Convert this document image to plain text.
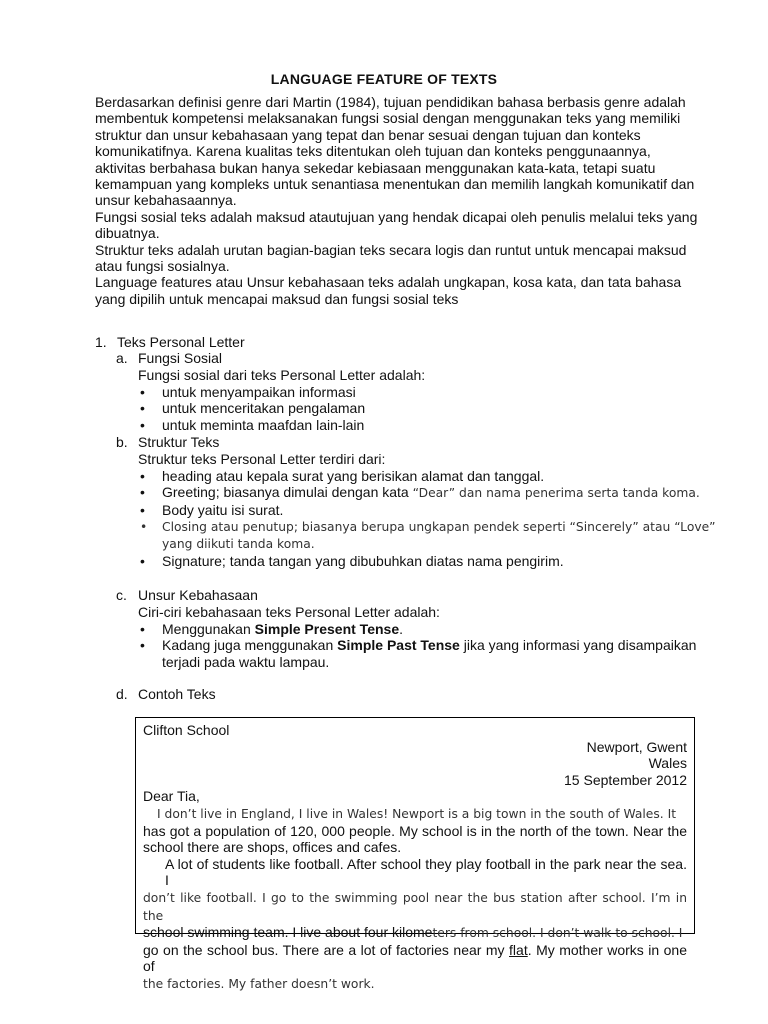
LANGUAGE FEATURE OF TEXTS

Berdasarkan definisi genre dari Martin (1984), tujuan pendidikan bahasa berbasis genre adalah membentuk kompetensi melaksanakan fungsi sosial dengan menggunakan teks yang memiliki struktur dan unsur kebahasaan yang tepat dan benar sesuai dengan tujuan dan konteks komunikatifnya. Karena kualitas teks ditentukan oleh tujuan dan konteks penggunaannya, aktivitas berbahasa bukan hanya sekedar kebiasaan menggunakan kata-kata, tetapi suatu kemampuan yang kompleks untuk senantiasa menentukan dan memilih langkah komunikatif dan unsur kebahasaannya.

Fungsi sosial teks adalah maksud atautujuan yang hendak dicapai oleh penulis melalui teks yang dibuatnya.

Struktur teks adalah urutan bagian-bagian teks secara logis dan runtut untuk mencapai maksud atau fungsi sosialnya.

Language features atau Unsur kebahasaan teks adalah ungkapan, kosa kata, dan tata bahasa yang dipilih untuk mencapai maksud dan fungsi sosial teks

1. Teks Personal Letter

a. Fungsi Sosial

Fungsi sosial dari teks Personal Letter adalah:

• untuk menyampaikan informasi
• untuk menceritakan pengalaman
• untuk meminta maafdan lain-lain

b. Struktur Teks

Struktur teks Personal Letter terdiri dari:

• heading atau kepala surat yang berisikan alamat dan tanggal.
• Greeting; biasanya dimulai dengan kata “Dear” dan nama penerima serta tanda koma.
• Body yaitu isi surat.
• Closing atau penutup; biasanya berupa ungkapan pendek seperti “Sincerely” atau “Love” yang diikuti tanda koma.
• Signature; tanda tangan yang dibubuhkan diatas nama pengirim.

c. Unsur Kebahasaan

Ciri-ciri kebahasaan teks Personal Letter adalah:

• Menggunakan Simple Present Tense.
• Kadang juga menggunakan Simple Past Tense jika yang informasi yang disampaikan terjadi pada waktu lampau.

d. Contoh Teks

Clifton School

Newport, Gwent

Wales

15 September 2012

Dear Tia,

I don’t live in England, I live in Wales! Newport is a big town in the south of Wales. It
has got a population of 120, 000 people. My school is in the north of the town. Near the school there are shops, offices and cafes.

A lot of students like football. After school they play football in the park near the sea. I
don’t like football. I go to the swimming pool near the bus station after school. I’m in the
school swimming team. I live about four kilometers from school. I don’t walk to school. I
go on the school bus. There are a lot of factories near my flat. My mother works in one of
the factories. My father doesn’t work.
